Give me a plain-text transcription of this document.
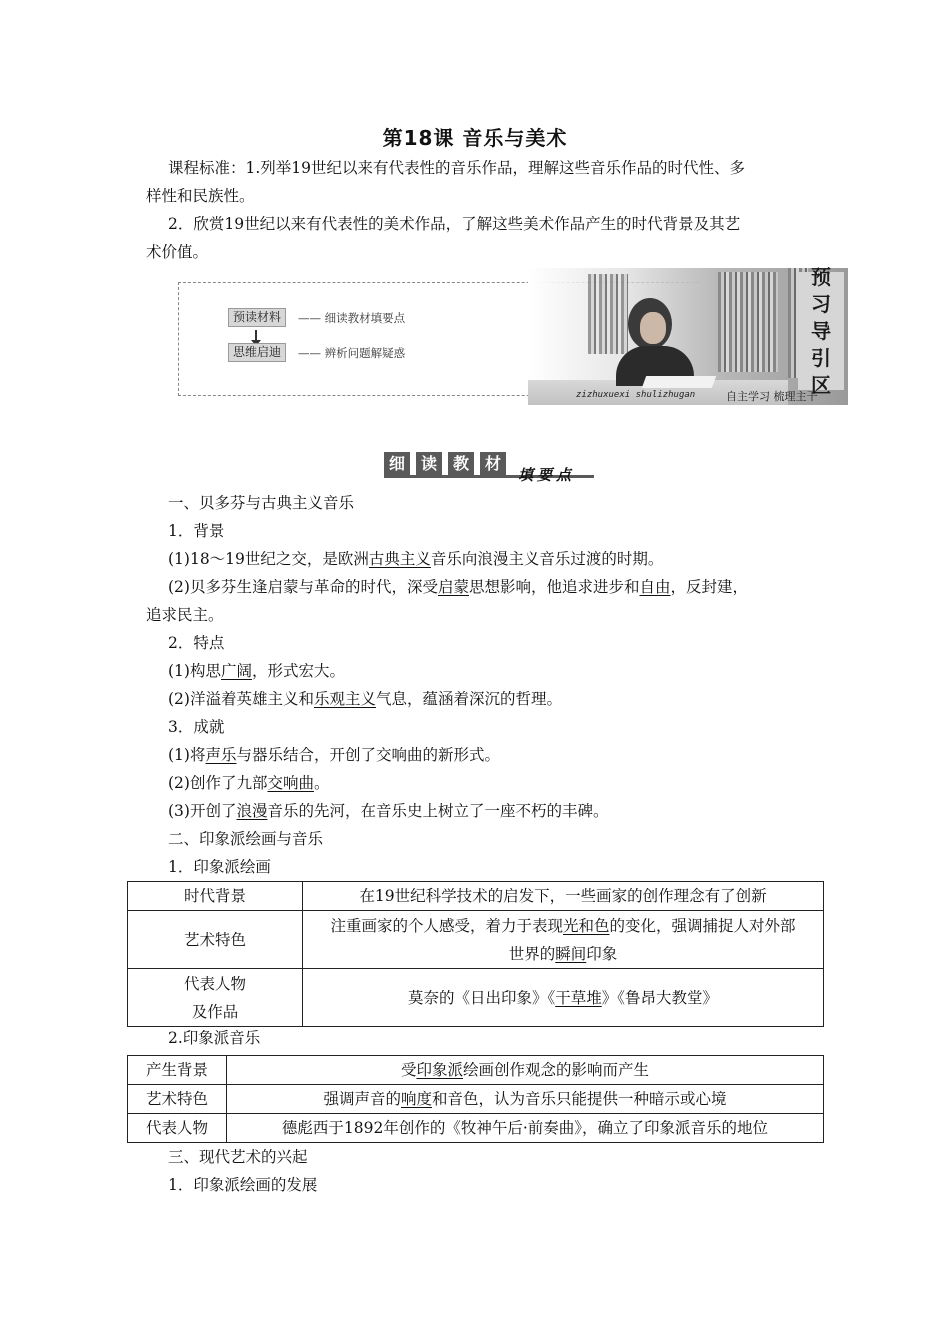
第18课 音乐与美术
课程标准：1.列举19世纪以来有代表性的音乐作品，理解这些音乐作品的时代性、多
样性和民族性。
2．欣赏19世纪以来有代表性的美术作品，了解这些美术作品产生的时代背景及其艺
术价值。
预读材料	—— 细读教材填要点
思维启迪	—— 辨析问题解疑惑
预
习
导
引
区
zizhuxuexi shulizhugan	自主学习 梳理主干
细 读 教 材
填要点
一、贝多芬与古典主义音乐
1．背景
(1)18～19世纪之交，是欧洲古典主义音乐向浪漫主义音乐过渡的时期。
(2)贝多芬生逢启蒙与革命的时代，深受启蒙思想影响，他追求进步和自由，反封建，
追求民主。
2．特点
(1)构思广阔，形式宏大。
(2)洋溢着英雄主义和乐观主义气息，蕴涵着深沉的哲理。
3．成就
(1)将声乐与器乐结合，开创了交响曲的新形式。
(2)创作了九部交响曲。
(3)开创了浪漫音乐的先河，在音乐史上树立了一座不朽的丰碑。
二、印象派绘画与音乐
1．印象派绘画
时代背景	在19世纪科学技术的启发下，一些画家的创作理念有了创新
艺术特色	注重画家的个人感受，着力于表现光和色的变化，强调捕捉人对外部
世界的瞬间印象
代表人物
及作品	莫奈的《日出印象》《干草堆》《鲁昂大教堂》
2.印象派音乐
产生背景	受印象派绘画创作观念的影响而产生
艺术特色	强调声音的响度和音色，认为音乐只能提供一种暗示或心境
代表人物	德彪西于1892年创作的《牧神午后·前奏曲》，确立了印象派音乐的地位
三、现代艺术的兴起
1．印象派绘画的发展
